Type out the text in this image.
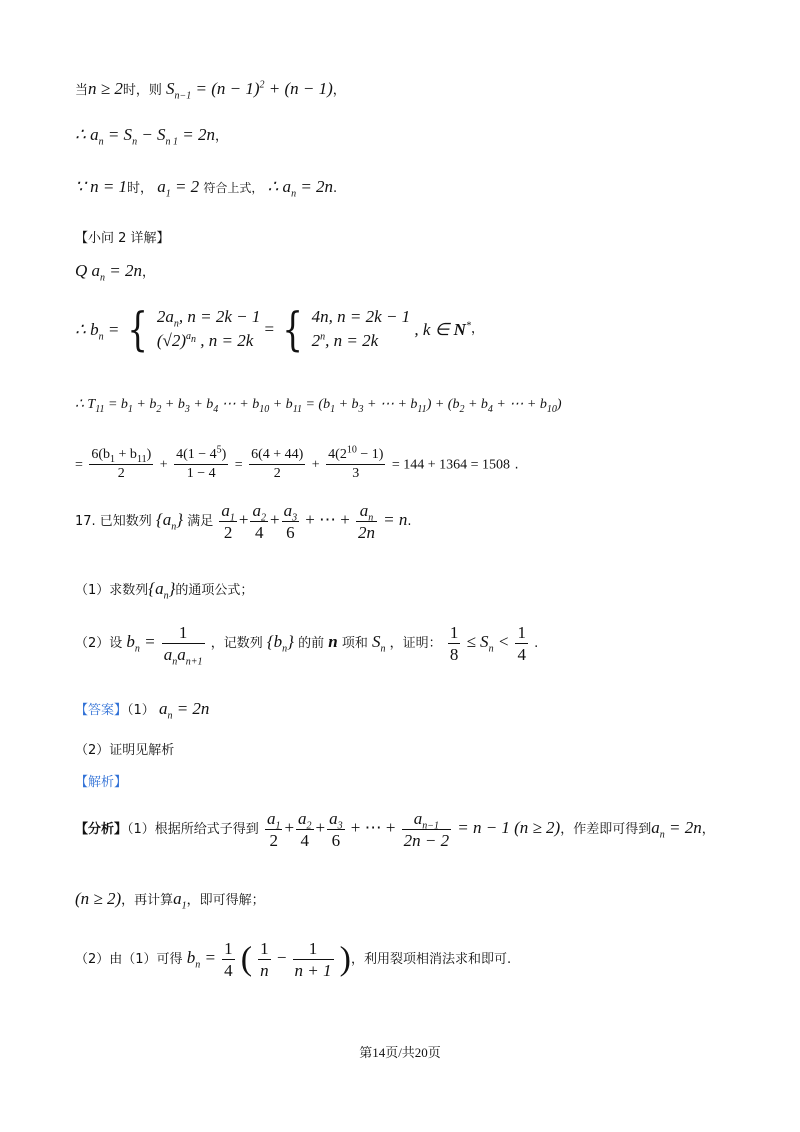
当n ≥ 2时，则 $S_{n-1} = (n - 1)^2 + (n - 1)$，
∴ $a_n = S_n - S_{n 1} = 2n$，
∵ n = 1时， $a_1 = 2$ 符合上式， ∴ $a_n = 2n$.
【小问 2 详解】
Q $a_n = 2n$，
∴ $b_n$ = { $2a_n$, n = 2k − 1
$(√2)^{a_n}$ , n = 2k = { 4n, n = 2k − 1
2$^n$, n = 2k , k ∈ N*，
∴ $T_{11} = b_1 + b_2 + b_3 + b_4$ ⋯ + $b_{10} + b_{11} = (b_1 + b_3$ + ⋯ + $b_{11}) + (b_2 + b_4$ + ⋯ + $b_{10}$)
= $\frac{6(b_1 + b_{11})}{2} + \frac{4(1 - 4^5)}{1 - 4} = \frac{6(4 + 44)}{2} + \frac{4(2^{10} - 1)}{3} = 144 + 1364 = 1508$ .
17. 已知数列 $\{a_n\}$ 满足 $\frac{a_1}{2} + \frac{a_2}{4} + \frac{a_3}{6}$ + ⋯ + $\frac{a_n}{2n} = n$.
（1）求数列$\{a_n\}$的通项公式；
（2）设 $b_n = \frac{1}{a_na_{n+1}}$ ，记数列 $\{b_n\}$ 的前 n 项和 $S_n$ ，证明： $\frac{1}{8} \le S_n < \frac{1}{4}$ .
【答案】（1） $a_n = 2n$
（2）证明见解析
【解析】
【分析】（1）根据所给式子得到 $\frac{a_1}{2} + \frac{a_2}{4} + \frac{a_3}{6}$ + ⋯ + $\frac{a_{n-1}}{2n - 2} = n - 1$ (n ≥ 2)，作差即可得到$a_n = 2n$，
(n ≥ 2)，再计算$a_1$，即可得解；
（2）由（1）可得 $b_n = \frac{1}{4}$ ( $\frac{1}{n} - \frac{1}{n + 1}$ )，利用裂项相消法求和即可.
第14页/共20页
